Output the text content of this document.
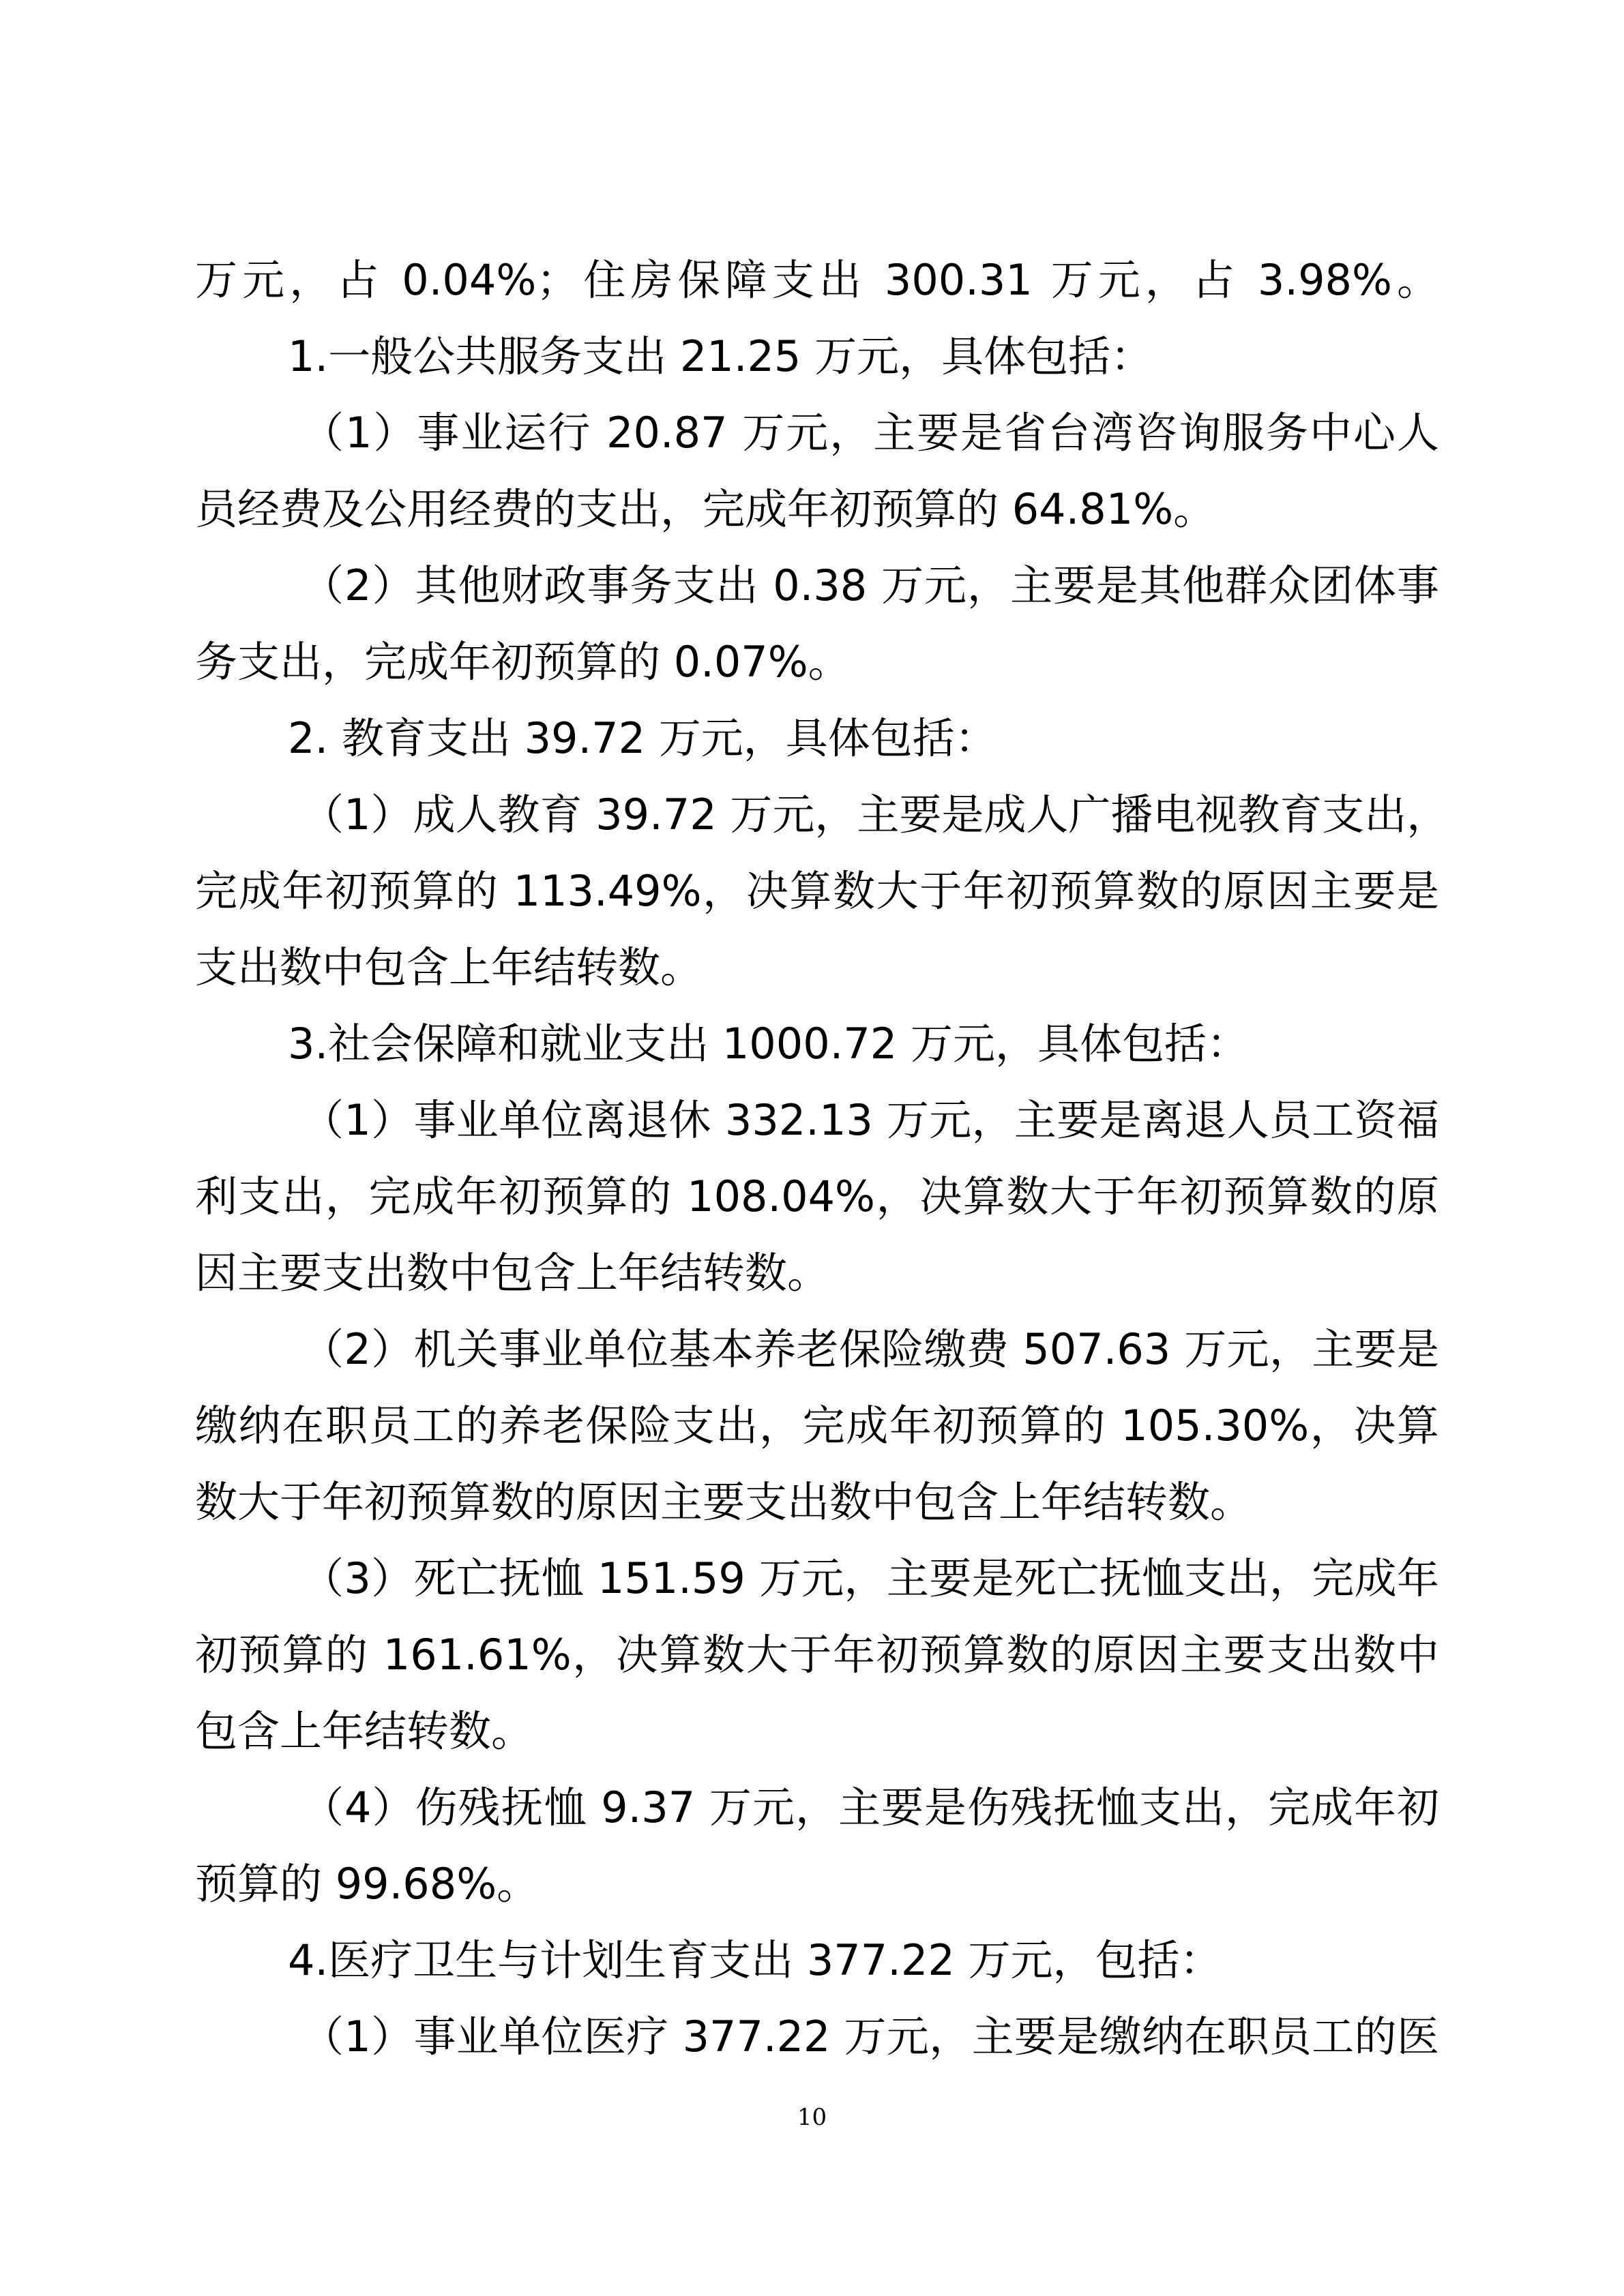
万元，占 0.04%；住房保障支出 300.31 万元，占 3.98%。
1.一般公共服务支出 21.25 万元，具体包括：
（1）事业运行 20.87 万元，主要是省台湾咨询服务中心人
员经费及公用经费的支出，完成年初预算的 64.81%。
（2）其他财政事务支出 0.38 万元，主要是其他群众团体事
务支出，完成年初预算的 0.07%。
2. 教育支出 39.72 万元，具体包括：
（1）成人教育 39.72 万元，主要是成人广播电视教育支出，
完成年初预算的 113.49%，决算数大于年初预算数的原因主要是
支出数中包含上年结转数。
3.社会保障和就业支出 1000.72 万元，具体包括：
（1）事业单位离退休 332.13 万元，主要是离退人员工资福
利支出，完成年初预算的 108.04%，决算数大于年初预算数的原
因主要支出数中包含上年结转数。
（2）机关事业单位基本养老保险缴费 507.63 万元，主要是
缴纳在职员工的养老保险支出，完成年初预算的 105.30%，决算
数大于年初预算数的原因主要支出数中包含上年结转数。
（3）死亡抚恤 151.59 万元，主要是死亡抚恤支出，完成年
初预算的 161.61%，决算数大于年初预算数的原因主要支出数中
包含上年结转数。
（4）伤残抚恤 9.37 万元，主要是伤残抚恤支出，完成年初
预算的 99.68%。
4.医疗卫生与计划生育支出 377.22 万元，包括：
（1）事业单位医疗 377.22 万元，主要是缴纳在职员工的医
10
